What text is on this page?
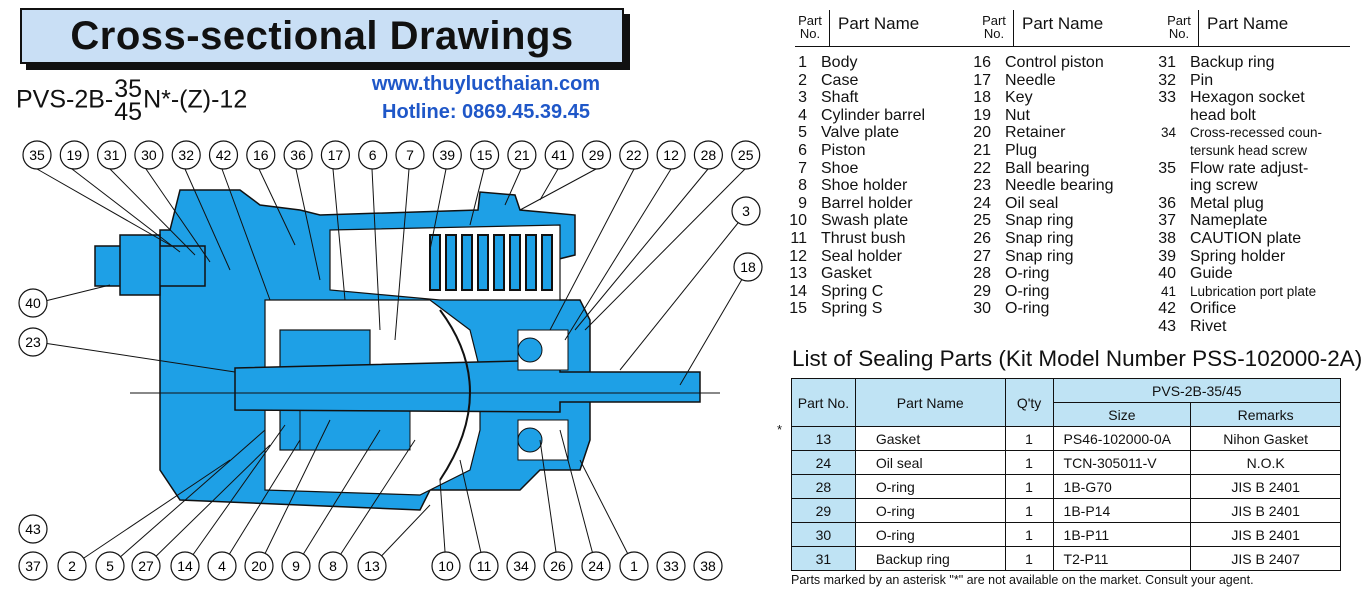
Cross-sectional Drawings
PVS-2B- 35
45 N*-(Z)-12
www.thuylucthaian.com
Hotline: 0869.45.39.45
35 19 31 30 32 42 16 36 17 6 7 39 15 21 41 29 22 12 28 25
3
18
40
23
43
37 2 5 27 14 4 20 9 8 13	10 11 34 26 24 1 33 38
Part
No.
Part Name	Part
No.
Part Name	Part
No.
Part Name
1 Body
2 Case
3 Shaft
4 Cylinder barrel
5 Valve plate
6 Piston
7 Shoe
8 Shoe holder
9 Barrel holder
10 Swash plate
11 Thrust bush
12 Seal holder
13 Gasket
14 Spring C
15 Spring S
16 Control piston
17 Needle
18 Key
19 Nut
20 Retainer
21 Plug
22 Ball bearing
23 Needle bearing
24 Oil seal
25 Snap ring
26 Snap ring
27 Snap ring
28 O-ring
29 O-ring
30 O-ring
31 Backup ring
32 Pin
33 Hexagon socket
head bolt
34 Cross-recessed coun-
tersunk head screw
35 Flow rate adjust-
ing screw
36 Metal plug
37 Nameplate
38 CAUTION plate
39 Spring holder
40 Guide
41 Lubrication port plate
42 Orifice
43 Rivet
List of Sealing Parts (Kit Model Number PSS-102000-2A)
*
Part No.	Part Name	Q'ty	PVS-2B-35/45	
			Size	Remarks
13	Gasket	1	PS46-102000-0A	Nihon Gasket
24	Oil seal	1	TCN-305011-V	N.O.K
28	O-ring	1	1B-G70	JIS B 2401
29	O-ring	1	1B-P14	JIS B 2401
30	O-ring	1	1B-P11	JIS B 2401
31	Backup ring	1	T2-P11	JIS B 2407
Parts marked by an asterisk "*" are not available on the market. Consult your agent.
